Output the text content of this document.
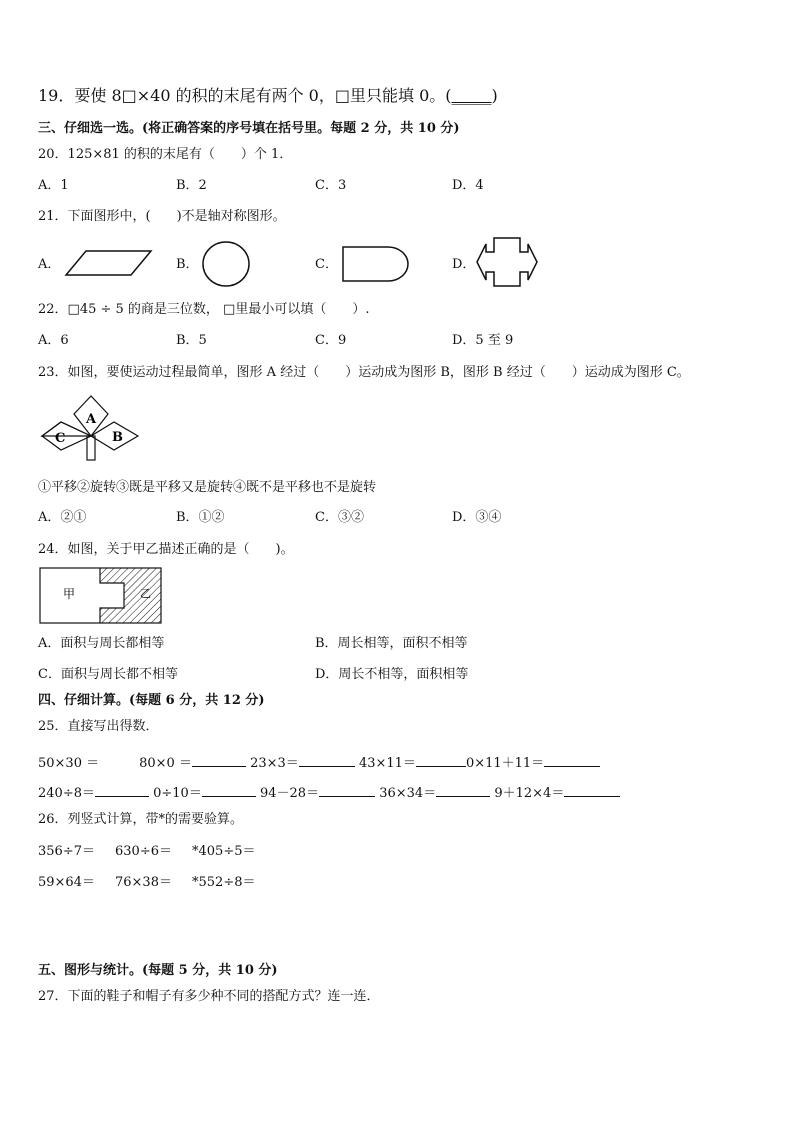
19．要使 8□×40 的积的末尾有两个 0，□里只能填 0。(_____)
三、仔细选一选。(将正确答案的序号填在括号里。每题 2 分，共 10 分)
20．125×81 的积的末尾有（　　）个 1．
A．1	B．2	C．3	D．4
21．下面图形中，(　　)不是轴对称图形。
A．	B．	C．	D．
22．□45 ÷ 5 的商是三位数， □里最小可以填（　　）.
A．6	B．5	C．9	D．5 至 9
23．如图，要使运动过程最简单，图形 A 经过（　　）运动成为图形 B，图形 B 经过（　　）运动成为图形 C。
A
C	B
①平移②旋转③既是平移又是旋转④既不是平移也不是旋转
A．②①	B．①②	C．③②	D．③④
24．如图，关于甲乙描述正确的是（　　)。
甲	乙
A．面积与周长都相等	B．周长相等，面积不相等
C．面积与周长都不相等	D．周长不相等，面积相等
四、仔细计算。(每题 6 分，共 12 分)
25．直接写出得数．
50×30 ＝	80×0 ＝	23×3＝	43×11＝	0×11＋11＝
240÷8＝	0÷10＝	94－28＝	36×34＝	9＋12×4＝
26．列竖式计算，带*的需要验算。
356÷7＝ 630÷6＝ *405÷5＝
59×64＝ 76×38＝ *552÷8＝
五、图形与统计。(每题 5 分，共 10 分)
27．下面的鞋子和帽子有多少种不同的搭配方式？连一连．
